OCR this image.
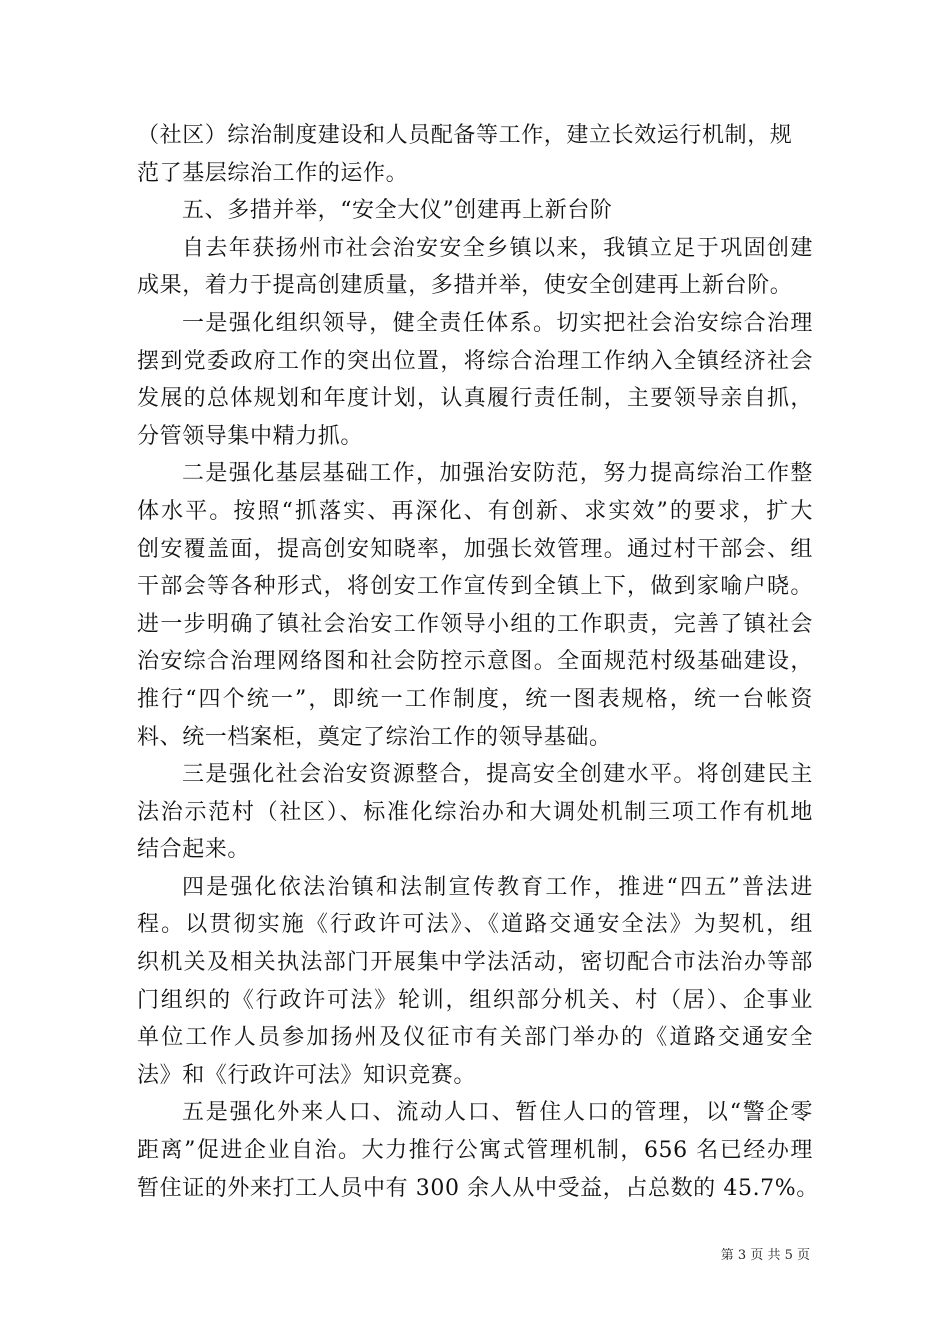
（社区）综治制度建设和人员配备等工作，建立长效运行机制，规
范了基层综治工作的运作。
五、多措并举，“安全大仪”创建再上新台阶
自去年获扬州市社会治安安全乡镇以来，我镇立足于巩固创建
成果，着力于提高创建质量，多措并举，使安全创建再上新台阶。
一是强化组织领导，健全责任体系。切实把社会治安综合治理
摆到党委政府工作的突出位置，将综合治理工作纳入全镇经济社会
发展的总体规划和年度计划，认真履行责任制，主要领导亲自抓，
分管领导集中精力抓。
二是强化基层基础工作，加强治安防范，努力提高综治工作整
体水平。按照“抓落实、再深化、有创新、求实效”的要求，扩大
创安覆盖面，提高创安知晓率，加强长效管理。通过村干部会、组
干部会等各种形式，将创安工作宣传到全镇上下，做到家喻户晓。
进一步明确了镇社会治安工作领导小组的工作职责，完善了镇社会
治安综合治理网络图和社会防控示意图。全面规范村级基础建设，
推行“四个统一”，即统一工作制度，统一图表规格，统一台帐资
料、统一档案柜，奠定了综治工作的领导基础。
三是强化社会治安资源整合，提高安全创建水平。将创建民主
法治示范村（社区）、标准化综治办和大调处机制三项工作有机地
结合起来。
四是强化依法治镇和法制宣传教育工作，推进“四五”普法进
程。以贯彻实施《行政许可法》、《道路交通安全法》为契机，组
织机关及相关执法部门开展集中学法活动，密切配合市法治办等部
门组织的《行政许可法》轮训，组织部分机关、村（居）、企事业
单位工作人员参加扬州及仪征市有关部门举办的《道路交通安全
法》和《行政许可法》知识竞赛。
五是强化外来人口、流动人口、暂住人口的管理，以“警企零
距离”促进企业自治。大力推行公寓式管理机制，656 名已经办理
暂住证的外来打工人员中有 300 余人从中受益，占总数的 45.7%。
第 3 页 共 5 页
